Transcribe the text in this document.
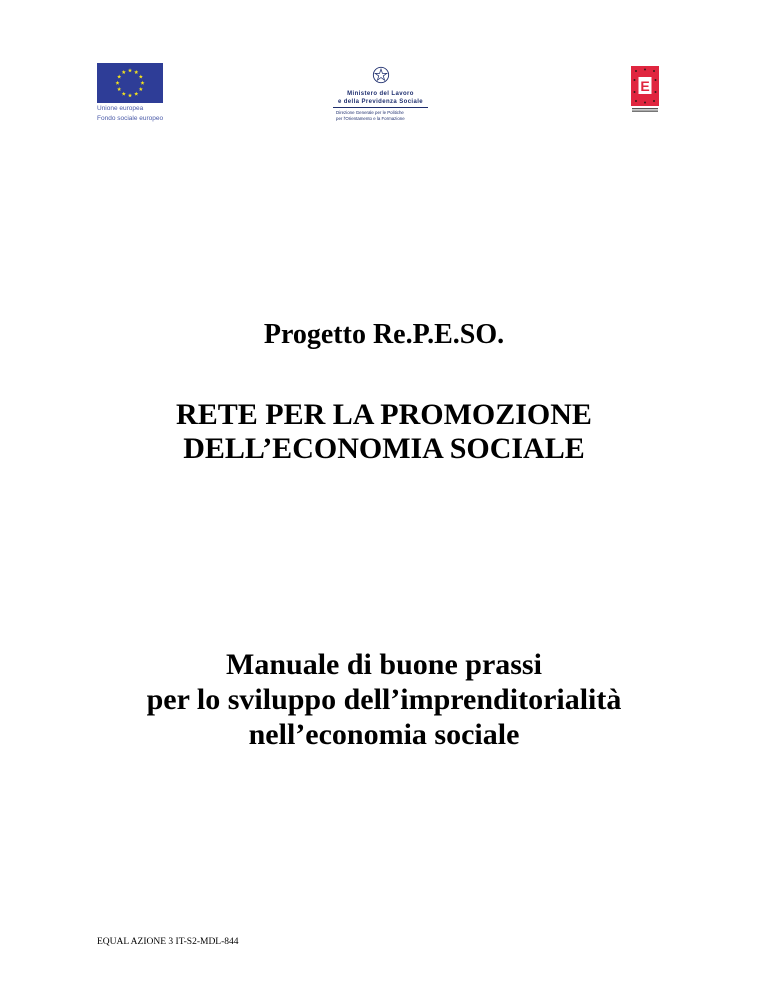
Unione europea
Fondo sociale europeo
Ministero del Lavoro
e della Previdenza Sociale
Direzione Generale per le Politiche
per l'Orientamento e la Formazione
E
Progetto Re.P.E.SO.
RETE PER LA PROMOZIONE
DELL’ECONOMIA SOCIALE
Manuale di buone prassi
per lo sviluppo dell’imprenditorialità
nell’economia sociale
EQUAL AZIONE 3 IT-S2-MDL-844
